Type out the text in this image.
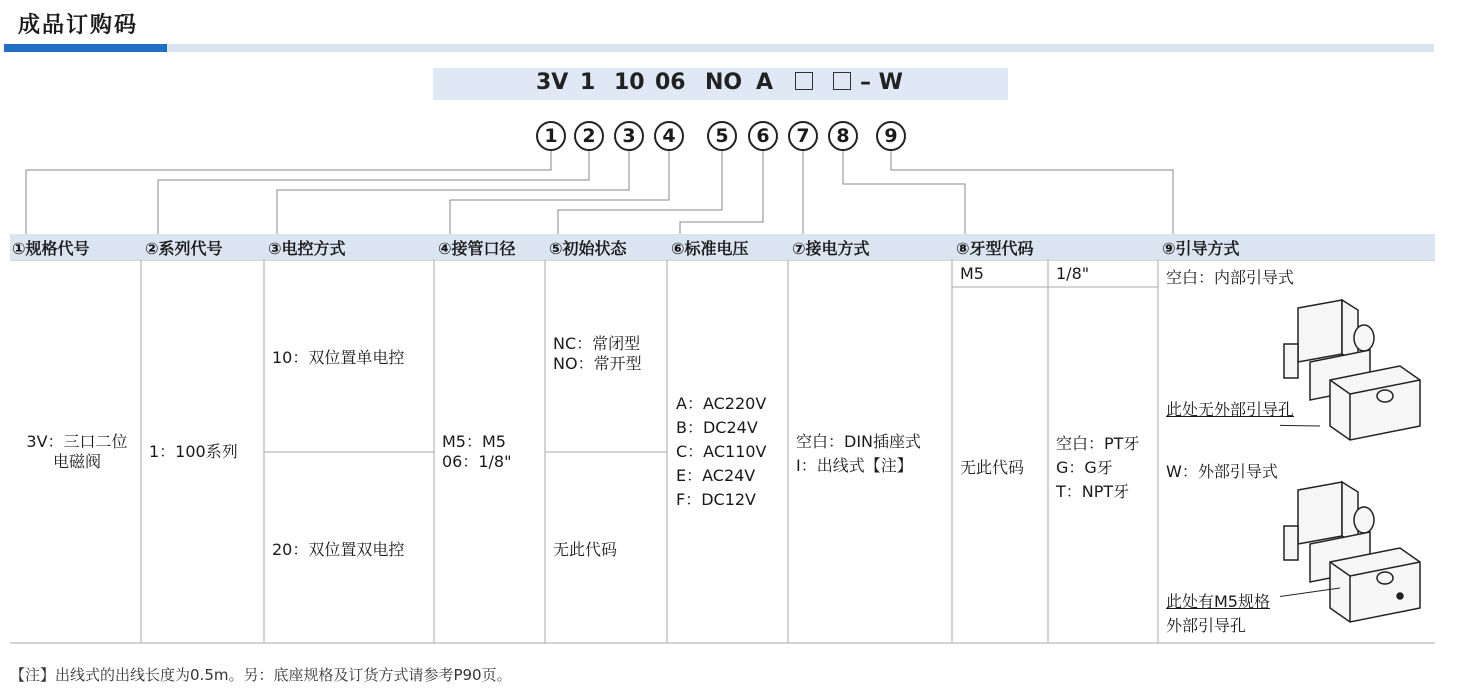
成品订购码
3V 1 10 06 NO A	– W
1	2	3	4	5	6	7	8	9
①规格代号	②系列代号	③电控方式	④接管口径 ⑤初始状态	⑥标准电压	⑦接电方式	⑧牙型代码	⑨引导方式
3V：三口二位
电磁阀
1：100系列
10：双位置单电控
20：双位置双电控
M5：M5
06：1/8"
NC：常闭型
NO：常开型
无此代码
A：AC220V
B：DC24V
C：AC110V
E：AC24V
F：DC12V
空白：DIN插座式
I：出线式【注】
M5	1/8"
无此代码
空白：PT牙
G：G牙
T：NPT牙
空白：内部引导式
此处无外部引导孔
W：外部引导式
此处有M5规格
外部引导孔
【注】出线式的出线长度为0.5m。另：底座规格及订货方式请参考P90页。
